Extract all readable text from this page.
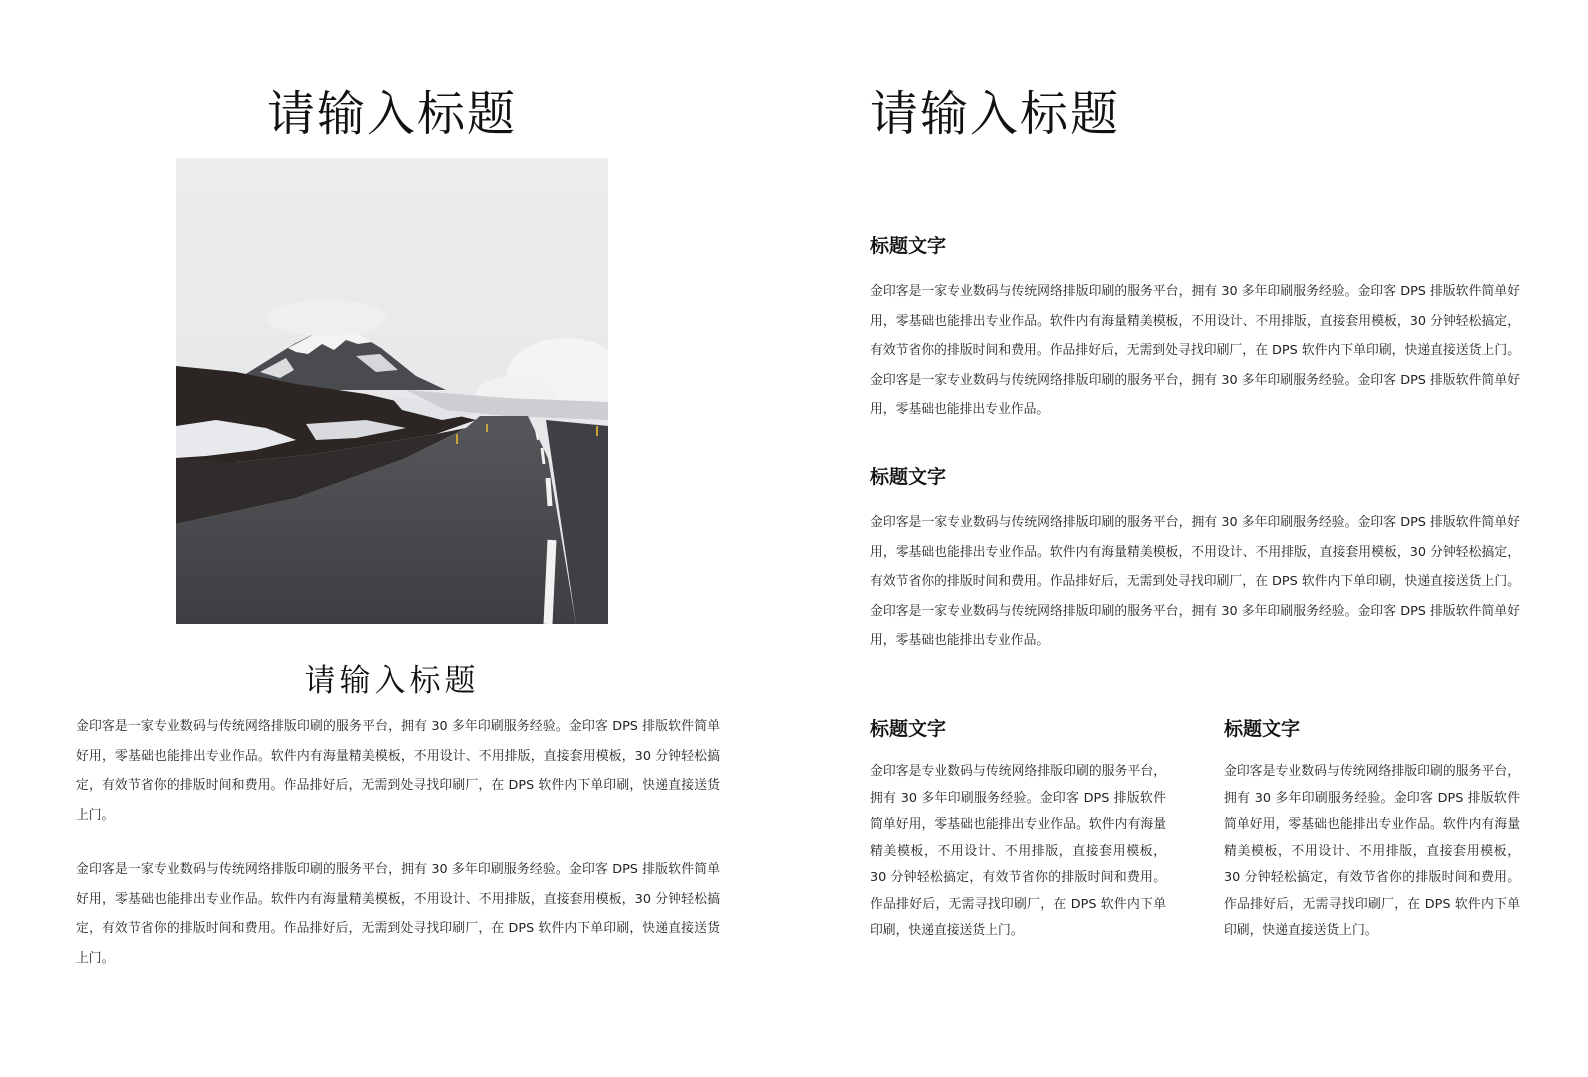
请输入标题
请输入标题

金印客是一家专业数码与传统网络排版印刷的服务平台，拥有 30 多年印刷服务经验。金印客 DPS 排版软件简单好用，零基础也能排出专业作品。软件内有海量精美模板，不用设计、不用排版，直接套用模板，30 分钟轻松搞定，有效节省你的排版时间和费用。作品排好后，无需到处寻找印刷厂，在 DPS 软件内下单印刷，快递直接送货上门。

金印客是一家专业数码与传统网络排版印刷的服务平台，拥有 30 多年印刷服务经验。金印客 DPS 排版软件简单好用，零基础也能排出专业作品。软件内有海量精美模板，不用设计、不用排版，直接套用模板，30 分钟轻松搞定，有效节省你的排版时间和费用。作品排好后，无需到处寻找印刷厂，在 DPS 软件内下单印刷，快递直接送货上门。

请输入标题
标题文字

金印客是一家专业数码与传统网络排版印刷的服务平台，拥有 30 多年印刷服务经验。金印客 DPS 排版软件简单好用，零基础也能排出专业作品。软件内有海量精美模板，不用设计、不用排版，直接套用模板，30 分钟轻松搞定，有效节省你的排版时间和费用。作品排好后，无需到处寻找印刷厂，在 DPS 软件内下单印刷，快递直接送货上门。金印客是一家专业数码与传统网络排版印刷的服务平台，拥有 30 多年印刷服务经验。金印客 DPS 排版软件简单好用，零基础也能排出专业作品。

标题文字

金印客是一家专业数码与传统网络排版印刷的服务平台，拥有 30 多年印刷服务经验。金印客 DPS 排版软件简单好用，零基础也能排出专业作品。软件内有海量精美模板，不用设计、不用排版，直接套用模板，30 分钟轻松搞定，有效节省你的排版时间和费用。作品排好后，无需到处寻找印刷厂，在 DPS 软件内下单印刷，快递直接送货上门。金印客是一家专业数码与传统网络排版印刷的服务平台，拥有 30 多年印刷服务经验。金印客 DPS 排版软件简单好用，零基础也能排出专业作品。

标题文字

金印客是专业数码与传统网络排版印刷的服务平台，拥有 30 多年印刷服务经验。金印客 DPS 排版软件简单好用，零基础也能排出专业作品。软件内有海量精美模板，不用设计、不用排版，直接套用模板，30 分钟轻松搞定，有效节省你的排版时间和费用。作品排好后，无需寻找印刷厂，在 DPS 软件内下单印刷，快递直接送货上门。

标题文字

金印客是专业数码与传统网络排版印刷的服务平台，拥有 30 多年印刷服务经验。金印客 DPS 排版软件简单好用，零基础也能排出专业作品。软件内有海量精美模板，不用设计、不用排版，直接套用模板，30 分钟轻松搞定，有效节省你的排版时间和费用。作品排好后，无需寻找印刷厂，在 DPS 软件内下单印刷，快递直接送货上门。
